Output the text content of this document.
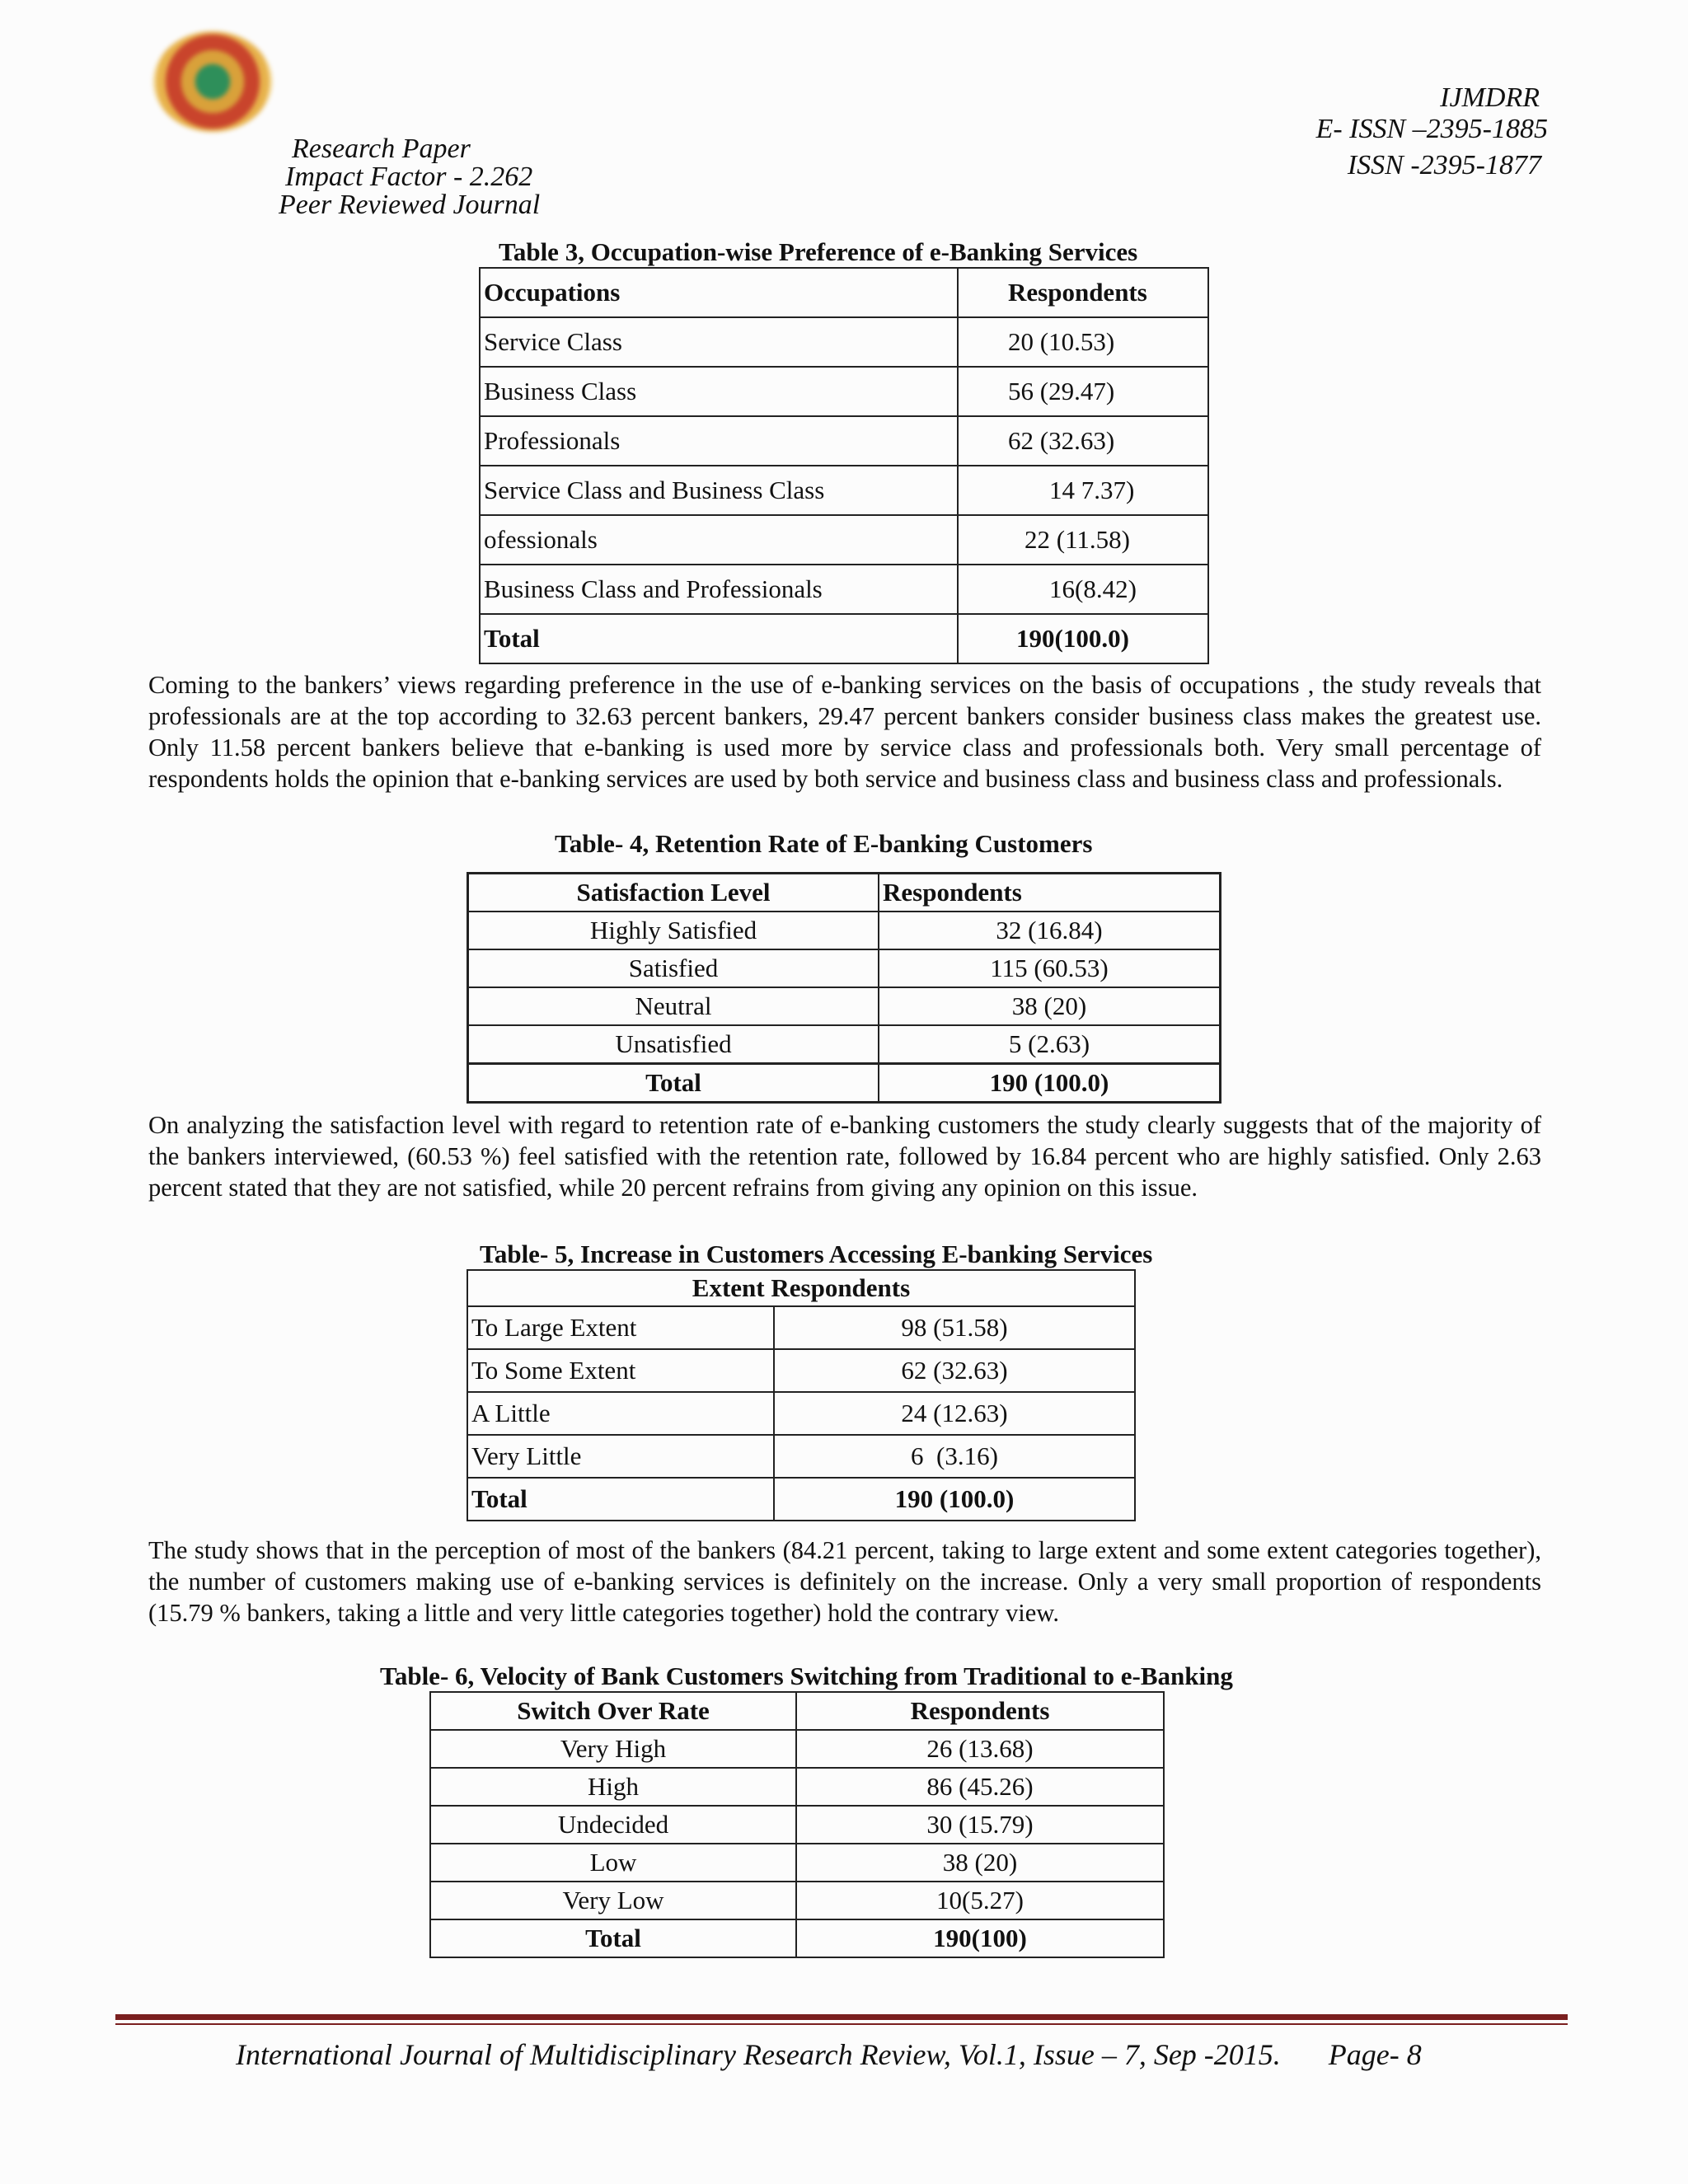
Research Paper
Impact Factor - 2.262
Peer Reviewed Journal
IJMDRR
E- ISSN –2395-1885
ISSN -2395-1877
Table 3, Occupation-wise Preference of e-Banking Services
Occupations	Respondents
Service Class	20 (10.53)
Business Class	56 (29.47)
Professionals	62 (32.63)
Service Class and Business Class	14 7.37)
ofessionals	22 (11.58)
Business Class and Professionals	16(8.42)
Total	190(100.0)
Coming to the bankers’ views regarding preference in the use of e-banking services on the basis of occupations , the study reveals that professionals are at the top according to 32.63 percent bankers, 29.47 percent bankers consider business class makes the greatest use. Only 11.58 percent bankers believe that e-banking is used more by service class and professionals both. Very small percentage of respondents holds the opinion that e-banking services are used by both service and business class and business class and professionals.
Table- 4, Retention Rate of E-banking Customers
Satisfaction Level	Respondents
Highly Satisfied	32 (16.84)
Satisfied	115 (60.53)
Neutral	38 (20)
Unsatisfied	5 (2.63)
Total	190 (100.0)
On analyzing the satisfaction level with regard to retention rate of e-banking customers the study clearly suggests that of the majority of the bankers interviewed, (60.53 %) feel satisfied with the retention rate, followed by 16.84 percent who are highly satisfied. Only 2.63 percent stated that they are not satisfied, while 20 percent refrains from giving any opinion on this issue.
Table- 5, Increase in Customers Accessing E-banking Services
Extent Respondents	
To Large Extent	98 (51.58)
To Some Extent	62 (32.63)
A Little	24 (12.63)
Very Little	6  (3.16)
Total	190 (100.0)
The study shows that in the perception of most of the bankers (84.21 percent, taking to large extent and some extent categories together), the number of customers making use of e-banking services is definitely on the increase. Only a very small proportion of respondents (15.79 % bankers, taking a little and very little categories together) hold the contrary view.
Table- 6, Velocity of Bank Customers Switching from Traditional to e-Banking
Switch Over Rate	Respondents
Very High	26 (13.68)
High	86 (45.26)
Undecided	30 (15.79)
Low	38 (20)
Very Low	10(5.27)
Total	190(100)
International Journal of Multidisciplinary Research Review, Vol.1, Issue – 7, Sep -2015. Page- 8
